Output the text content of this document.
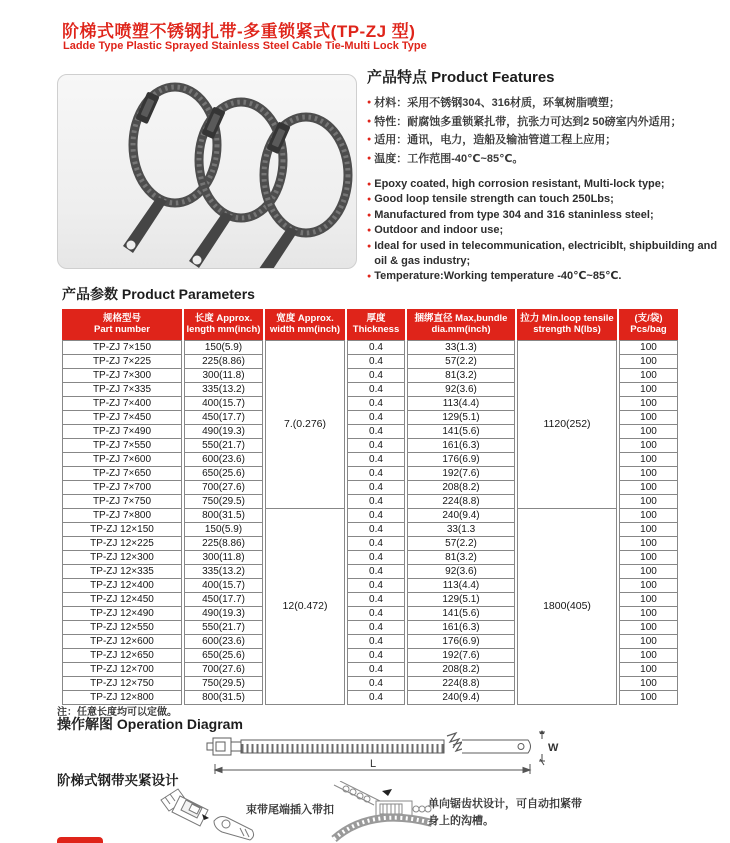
阶梯式喷塑不锈钢扎带-多重锁紧式(TP-ZJ 型)
Ladde Type Plastic Sprayed Stainless Steel Cable Tie-Multi Lock Type
产品特点 Product Features
● 材料：采用不锈钢304、316材质，环氧树脂喷塑；
● 特性：耐腐蚀多重锁紧扎带，抗张力可达到2 50磅室内外适用；
● 适用：通讯，电力，造船及输油管道工程上应用；
● 温度：工作范围-40℃~85℃。
● Epoxy coated, high corrosion resistant, Multi-lock type;
● Good loop tensile strength can touch 250Lbs;
● Manufactured from type 304 and 316 staninless steel;
● Outdoor and indoor use;
● Ideal for used in telecommunication, electriciblt, shipbuilding and oil & gas industry;
● Temperature:Working temperature -40℃~85℃.
产品参数 Product Parameters
规格型号
Part number

长度 Approx.
length mm(inch)

宽度 Approx.
width mm(inch)

厚度
Thickness

捆绑直径 Max,bundle
dia.mm(inch)

拉力 Min.loop tensile
strength N(lbs)

(支/袋)
Pcs/bag

TP-ZJ 7×150	150(5.9)	7.(0.276)	0.4	33(1.3)	1120(252)	100
TP-ZJ 7×225	225(8.86)		0.4	57(2.2)		100
TP-ZJ 7×300	300(11.8)		0.4	81(3.2)		100
TP-ZJ 7×335	335(13.2)		0.4	92(3.6)		100
TP-ZJ 7×400	400(15.7)		0.4	113(4.4)		100
TP-ZJ 7×450	450(17.7)		0.4	129(5.1)		100
TP-ZJ 7×490	490(19.3)		0.4	141(5.6)		100
TP-ZJ 7×550	550(21.7)		0.4	161(6.3)		100
TP-ZJ 7×600	600(23.6)		0.4	176(6.9)		100
TP-ZJ 7×650	650(25.6)		0.4	192(7.6)		100
TP-ZJ 7×700	700(27.6)		0.4	208(8.2)		100
TP-ZJ 7×750	750(29.5)		0.4	224(8.8)		100
TP-ZJ 7×800	800(31.5)	12(0.472)	0.4	240(9.4)	1800(405)	100
TP-ZJ 12×150	150(5.9)		0.4	33(1.3		100
TP-ZJ 12×225	225(8.86)		0.4	57(2.2)		100
TP-ZJ 12×300	300(11.8)		0.4	81(3.2)		100
TP-ZJ 12×335	335(13.2)		0.4	92(3.6)		100
TP-ZJ 12×400	400(15.7)		0.4	113(4.4)		100
TP-ZJ 12×450	450(17.7)		0.4	129(5.1)		100
TP-ZJ 12×490	490(19.3)		0.4	141(5.6)		100
TP-ZJ 12×550	550(21.7)		0.4	161(6.3)		100
TP-ZJ 12×600	600(23.6)		0.4	176(6.9)		100
TP-ZJ 12×650	650(25.6)		0.4	192(7.6)		100
TP-ZJ 12×700	700(27.6)		0.4	208(8.2)		100
TP-ZJ 12×750	750(29.5)		0.4	224(8.8)		100
TP-ZJ 12×800	800(31.5)		0.4	240(9.4)		100
注：任意长度均可以定做。
操作解图 Operation Diagram
W
L
阶梯式钢带夹紧设计
束带尾端插入带扣	单向锯齿状设计，可自动扣紧带
身上的沟槽。
